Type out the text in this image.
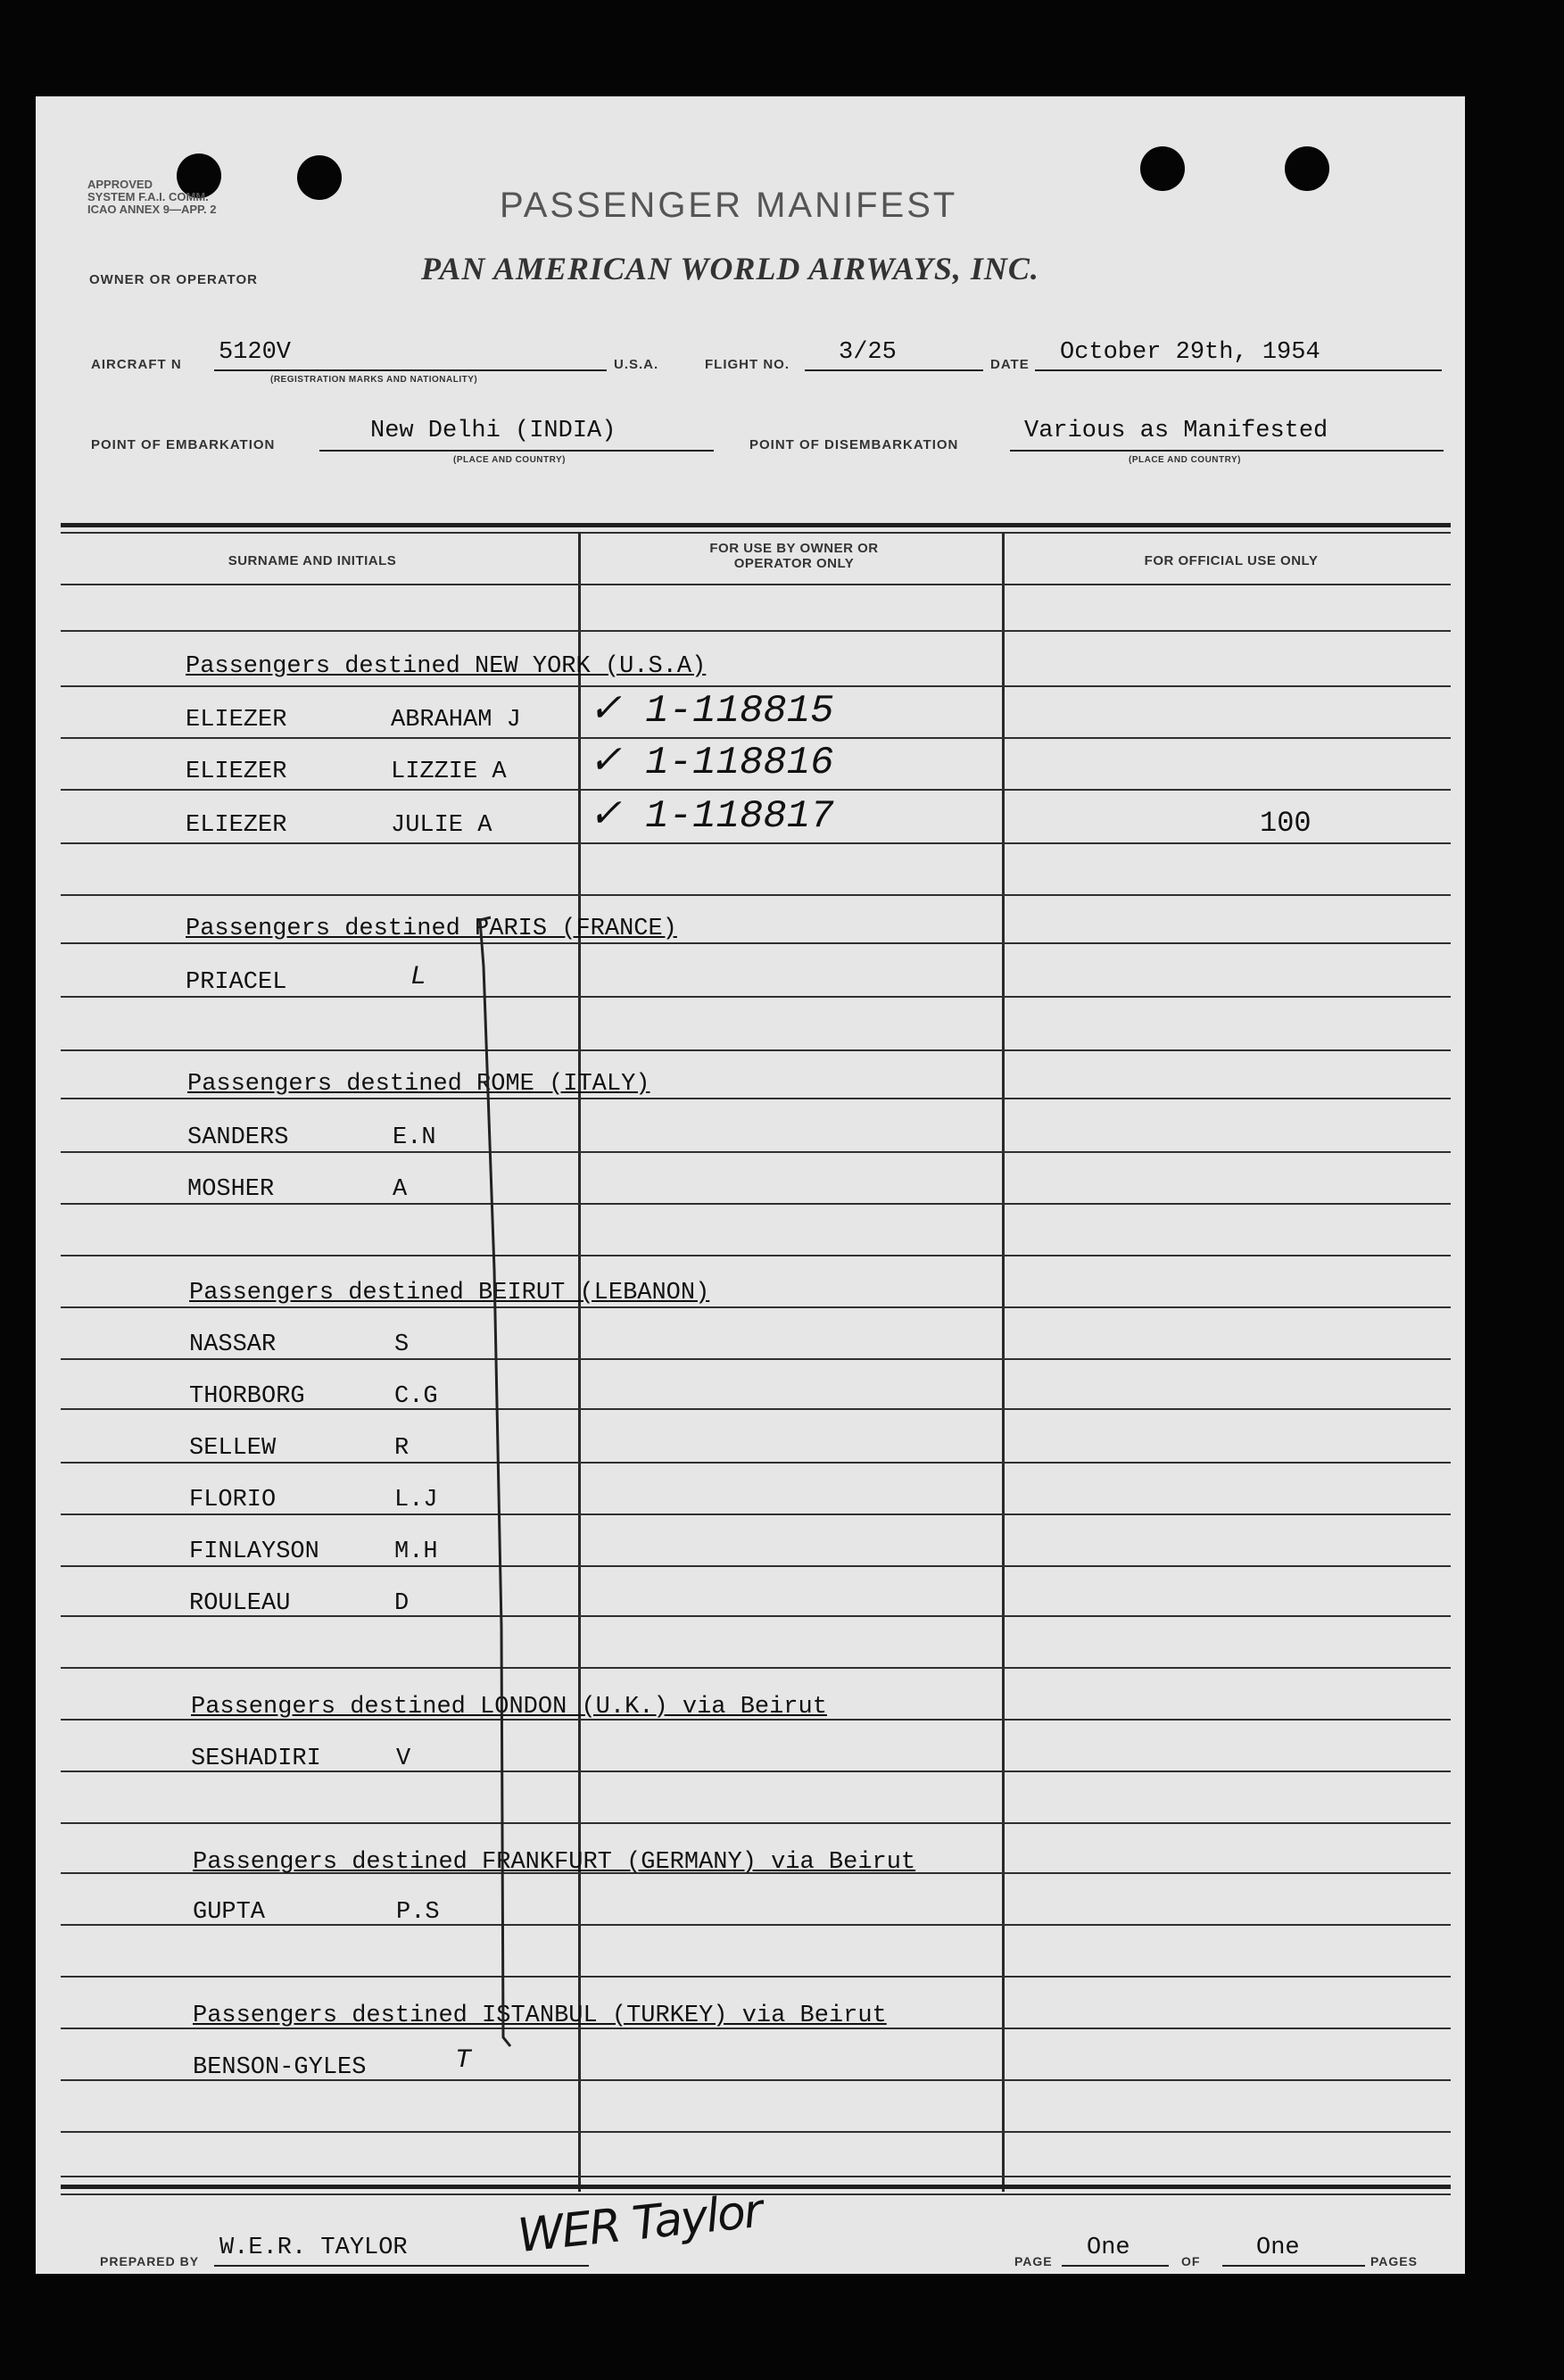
APPROVED
SYSTEM F.A.I. COMM.
ICAO ANNEX 9—APP. 2	PASSENGER MANIFEST
OWNER OR OPERATOR	PAN AMERICAN WORLD AIRWAYS, INC.
AIRCRAFT N 5120V
(REGISTRATION MARKS AND NATIONALITY)
U.S.A.	FLIGHT NO. 3/25	DATE October 29th, 1954
POINT OF EMBARKATION
New Delhi (INDIA)
(PLACE AND COUNTRY)
POINT OF DISEMBARKATION
Various as Manifested
(PLACE AND COUNTRY)
SURNAME AND INITIALS
FOR USE BY OWNER OR OPERATOR ONLY	FOR OFFICIAL USE ONLY
Passengers destined NEW YORK (U.S.A)
ELIEZER	ABRAHAM J ✓ 1-118815
ELIEZER	LIZZIE A ✓ 1-118816
ELIEZER	JULIE A ✓ 1-118817	100
Passengers destined PARIS (FRANCE)
PRIACEL	L
Passengers destined ROME (ITALY)
SANDERS	E.N
MOSHER	A
Passengers destined BEIRUT (LEBANON)
NASSAR	S
THORBORG	C.G
SELLEW	R
FLORIO	L.J
FINLAYSON	M.H
ROULEAU	D
Passengers destined LONDON (U.K.) via Beirut
SESHADIRI	V
Passengers destined FRANKFURT (GERMANY) via Beirut
GUPTA	P.S
Passengers destined ISTANBUL (TURKEY) via Beirut
BENSON-GYLES	T
PREPARED BY W.E.R. TAYLOR WER Taylor	PAGE One	OF One	PAGES
